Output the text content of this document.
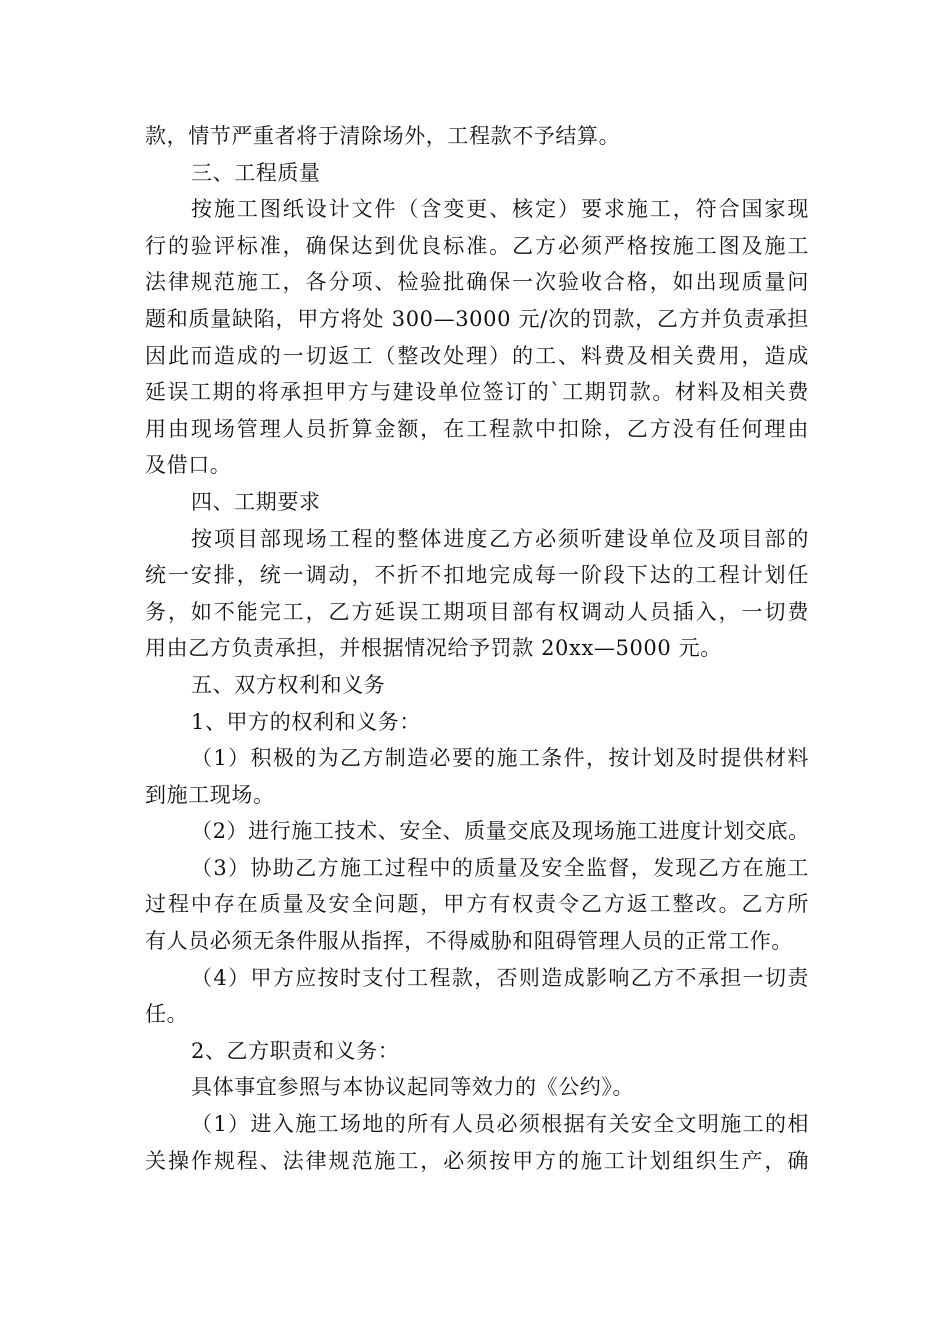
款，情节严重者将于清除场外，工程款不予结算。
三、工程质量
按施工图纸设计文件（含变更、核定）要求施工，符合国家现
行的验评标准，确保达到优良标准。乙方必须严格按施工图及施工
法律规范施工，各分项、检验批确保一次验收合格，如出现质量问
题和质量缺陷，甲方将处 300—3000 元/次的罚款，乙方并负责承担
因此而造成的一切返工（整改处理）的工、料费及相关费用，造成
延误工期的将承担甲方与建设单位签订的`工期罚款。材料及相关费
用由现场管理人员折算金额，在工程款中扣除，乙方没有任何理由
及借口。
四、工期要求
按项目部现场工程的整体进度乙方必须听建设单位及项目部的
统一安排，统一调动，不折不扣地完成每一阶段下达的工程计划任
务，如不能完工，乙方延误工期项目部有权调动人员插入，一切费
用由乙方负责承担，并根据情况给予罚款 20xx—5000 元。
五、双方权利和义务
1、甲方的权利和义务：
（1）积极的为乙方制造必要的施工条件，按计划及时提供材料
到施工现场。
（2）进行施工技术、安全、质量交底及现场施工进度计划交底。
（3）协助乙方施工过程中的质量及安全监督，发现乙方在施工
过程中存在质量及安全问题，甲方有权责令乙方返工整改。乙方所
有人员必须无条件服从指挥，不得威胁和阻碍管理人员的正常工作。
（4）甲方应按时支付工程款，否则造成影响乙方不承担一切责
任。
2、乙方职责和义务：
具体事宜参照与本协议起同等效力的《公约》。
（1）进入施工场地的所有人员必须根据有关安全文明施工的相
关操作规程、法律规范施工，必须按甲方的施工计划组织生产，确
